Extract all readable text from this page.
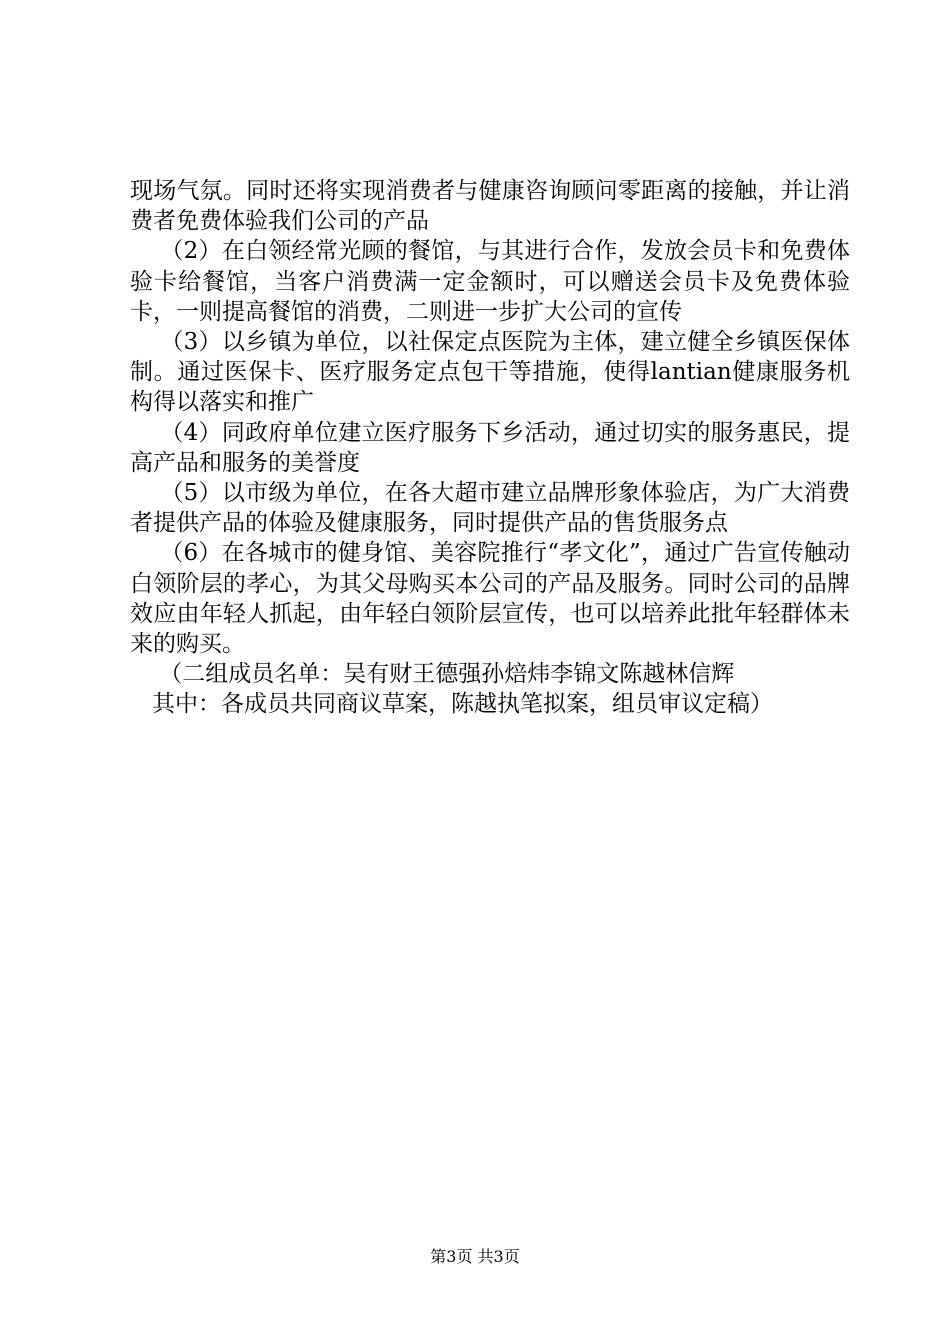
现场气氛。同时还将实现消费者与健康咨询顾问零距离的接触，并让消费者免费体验我们公司的产品

（2）在白领经常光顾的餐馆，与其进行合作，发放会员卡和免费体验卡给餐馆，当客户消费满一定金额时，可以赠送会员卡及免费体验卡，一则提高餐馆的消费，二则进一步扩大公司的宣传

（3）以乡镇为单位，以社保定点医院为主体，建立健全乡镇医保体制。通过医保卡、医疗服务定点包干等措施，使得lantian健康服务机构得以落实和推广

（4）同政府单位建立医疗服务下乡活动，通过切实的服务惠民，提高产品和服务的美誉度

（5）以市级为单位，在各大超市建立品牌形象体验店，为广大消费者提供产品的体验及健康服务，同时提供产品的售货服务点

（6）在各城市的健身馆、美容院推行“孝文化”，通过广告宣传触动白领阶层的孝心，为其父母购买本公司的产品及服务。同时公司的品牌效应由年轻人抓起，由年轻白领阶层宣传，也可以培养此批年轻群体未来的购买。

（二组成员名单：吴有财王德强孙焙炜李锦文陈越林信辉

其中：各成员共同商议草案，陈越执笔拟案，组员审议定稿）

第3页 共3页
